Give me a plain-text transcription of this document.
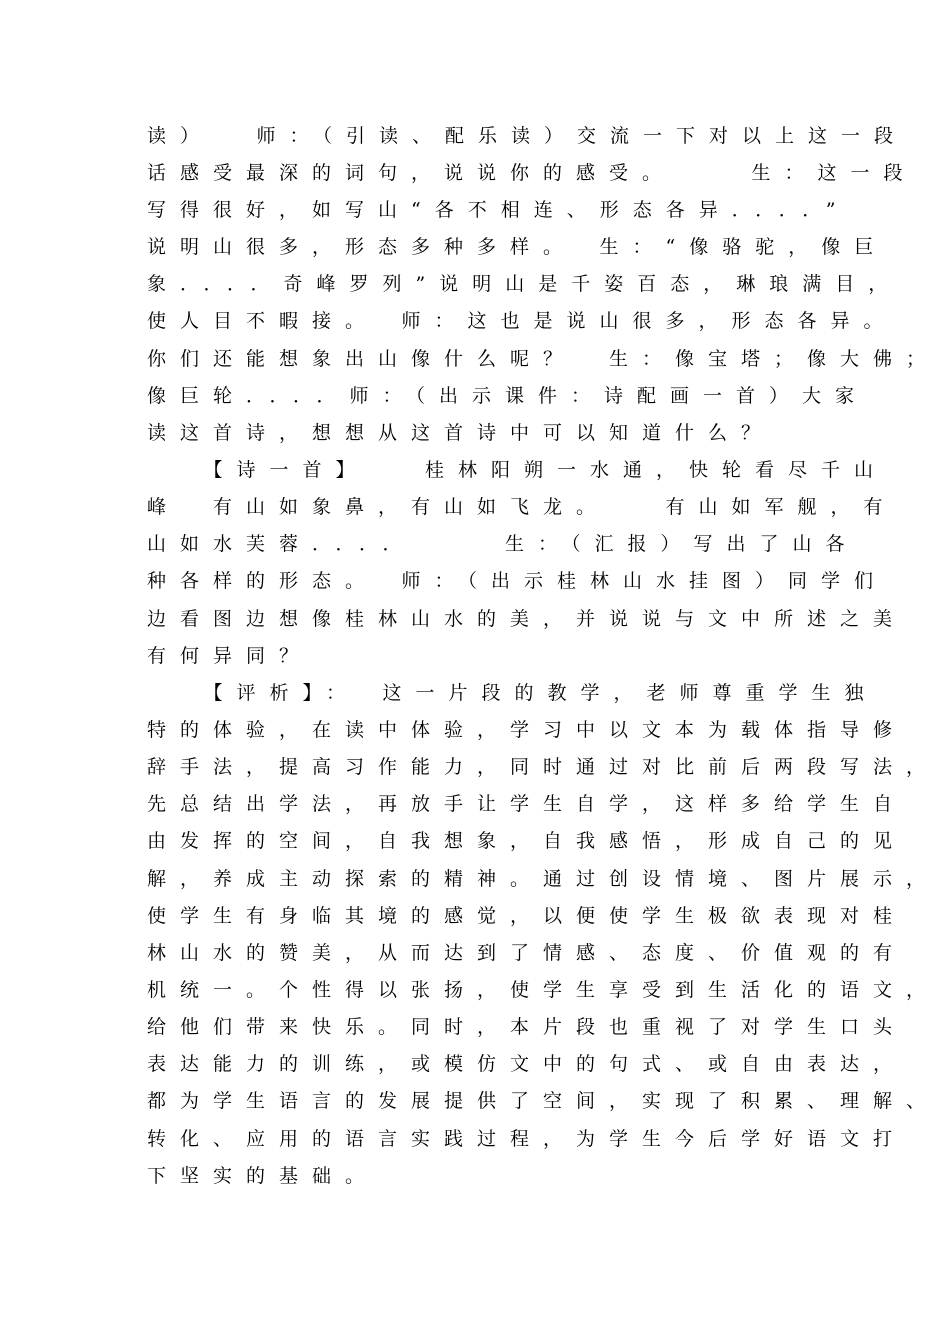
读）　 师：（引读、配乐读）交流一下对以上这一段
话感受最深的词句，说说你的感受。　　 生：这一段
写得很好，如写山“各不相连、形态各异．．．．”
说明山很多，形态多种多样。　生：“像骆驼，像巨
象．．．．奇峰罗列”说明山是千姿百态，琳琅满目，
使人目不暇接。　师：这也是说山很多，形态各异。
你们还能想象出山像什么呢？　生：像宝塔；像大佛；
像巨轮．．．．师：（出示课件：诗配画一首）大家
读这首诗，想想从这首诗中可以知道什么？
　　【诗一首】　　桂林阳朔一水通，快轮看尽千山
峰　有山如象鼻，有山如飞龙。　　有山如军舰，有
山如水芙蓉．．．．　　　生：（汇报）写出了山各
种各样的形态。　师：（出示桂林山水挂图）同学们
边看图边想像桂林山水的美，并说说与文中所述之美
有何异同？
　　【评析】：　这一片段的教学，老师尊重学生独
特的体验，在读中体验，学习中以文本为载体指导修
辞手法，提高习作能力，同时通过对比前后两段写法，
先总结出学法，再放手让学生自学，这样多给学生自
由发挥的空间，自我想象，自我感悟，形成自己的见
解，养成主动探索的精神。通过创设情境、图片展示，
使学生有身临其境的感觉，以便使学生极欲表现对桂
林山水的赞美，从而达到了情感、态度、价值观的有
机统一。个性得以张扬，使学生享受到生活化的语文，
给他们带来快乐。同时，本片段也重视了对学生口头
表达能力的训练，或模仿文中的句式、或自由表达，
都为学生语言的发展提供了空间，实现了积累、理解、
转化、应用的语言实践过程，为学生今后学好语文打
下坚实的基础。
